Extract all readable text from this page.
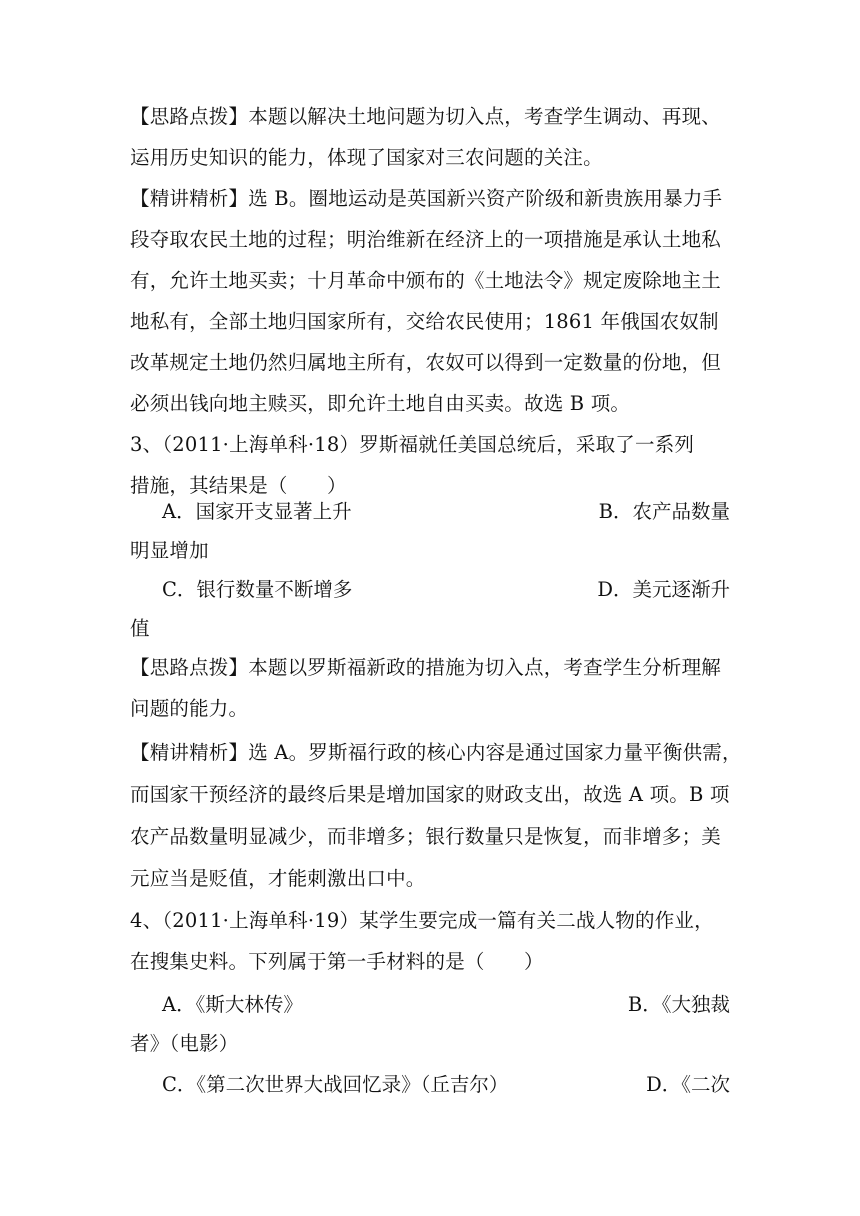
【思路点拨】本题以解决土地问题为切入点，考查学生调动、再现、
运用历史知识的能力，体现了国家对三农问题的关注。
【精讲精析】选 B。圈地运动是英国新兴资产阶级和新贵族用暴力手
段夺取农民土地的过程；明治维新在经济上的一项措施是承认土地私
有，允许土地买卖；十月革命中颁布的《土地法令》规定废除地主土
地私有，全部土地归国家所有，交给农民使用；1861 年俄国农奴制
改革规定土地仍然归属地主所有，农奴可以得到一定数量的份地，但
必须出钱向地主赎买，即允许土地自由买卖。故选 B 项。
3、（2011·上海单科·18）罗斯福就任美国总统后，采取了一系列
措施，其结果是（　　）
A．国家开支显著上升	B．农产品数量
明显增加
C．银行数量不断增多	D．美元逐渐升
值
【思路点拨】本题以罗斯福新政的措施为切入点，考查学生分析理解
问题的能力。
【精讲精析】选 A。罗斯福行政的核心内容是通过国家力量平衡供需，
而国家干预经济的最终后果是增加国家的财政支出，故选 A 项。B 项
农产品数量明显减少，而非增多；银行数量只是恢复，而非增多；美
元应当是贬值，才能刺激出口中。
4、（2011·上海单科·19）某学生要完成一篇有关二战人物的作业，
在搜集史料。下列属于第一手材料的是（　　）
A．《斯大林传》	B．《大独裁
者》（电影）
C．《第二次世界大战回忆录》（丘吉尔）	D．《二次
